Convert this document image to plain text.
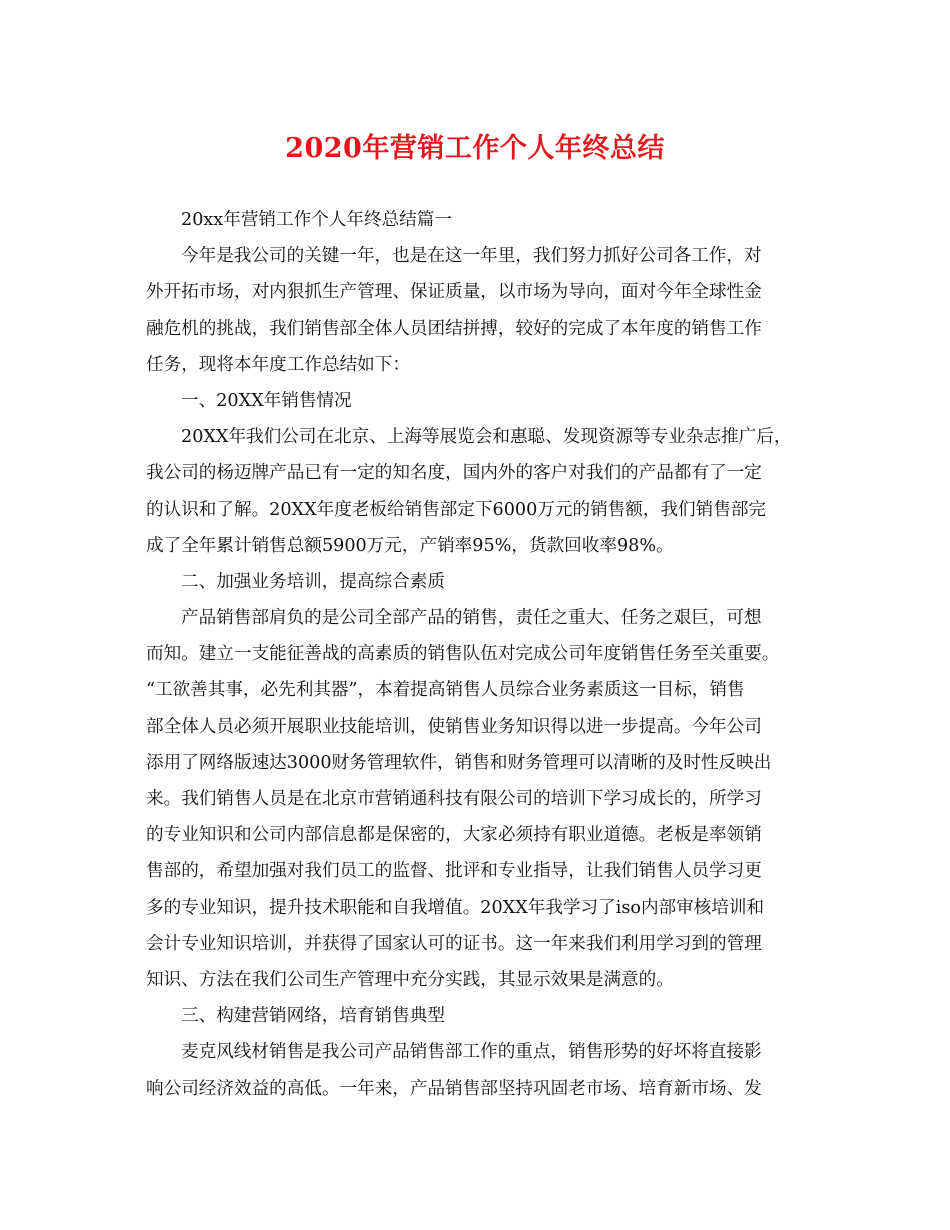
2020年营销工作个人年终总结
20xx年营销工作个人年终总结篇一
今年是我公司的关键一年，也是在这一年里，我们努力抓好公司各工作，对
外开拓市场，对内狠抓生产管理、保证质量，以市场为导向，面对今年全球性金
融危机的挑战，我们销售部全体人员团结拼搏，较好的完成了本年度的销售工作
任务，现将本年度工作总结如下：
一、20XX年销售情况
20XX年我们公司在北京、上海等展览会和惠聪、发现资源等专业杂志推广后，
我公司的杨迈牌产品已有一定的知名度，国内外的客户对我们的产品都有了一定
的认识和了解。20XX年度老板给销售部定下6000万元的销售额，我们销售部完
成了全年累计销售总额5900万元，产销率95%，货款回收率98%。
二、加强业务培训，提高综合素质
产品销售部肩负的是公司全部产品的销售，责任之重大、任务之艰巨，可想
而知。建立一支能征善战的高素质的销售队伍对完成公司年度销售任务至关重要。
“工欲善其事，必先利其器”，本着提高销售人员综合业务素质这一目标，销售
部全体人员必须开展职业技能培训，使销售业务知识得以进一步提高。今年公司
添用了网络版速达3000财务管理软件，销售和财务管理可以清晰的及时性反映出
来。我们销售人员是在北京市营销通科技有限公司的培训下学习成长的，所学习
的专业知识和公司内部信息都是保密的，大家必须持有职业道德。老板是率领销
售部的，希望加强对我们员工的监督、批评和专业指导，让我们销售人员学习更
多的专业知识，提升技术职能和自我增值。20XX年我学习了iso内部审核培训和
会计专业知识培训，并获得了国家认可的证书。这一年来我们利用学习到的管理
知识、方法在我们公司生产管理中充分实践，其显示效果是满意的。
三、构建营销网络，培育销售典型
麦克风线材销售是我公司产品销售部工作的重点，销售形势的好坏将直接影
响公司经济效益的高低。一年来，产品销售部坚持巩固老市场、培育新市场、发
